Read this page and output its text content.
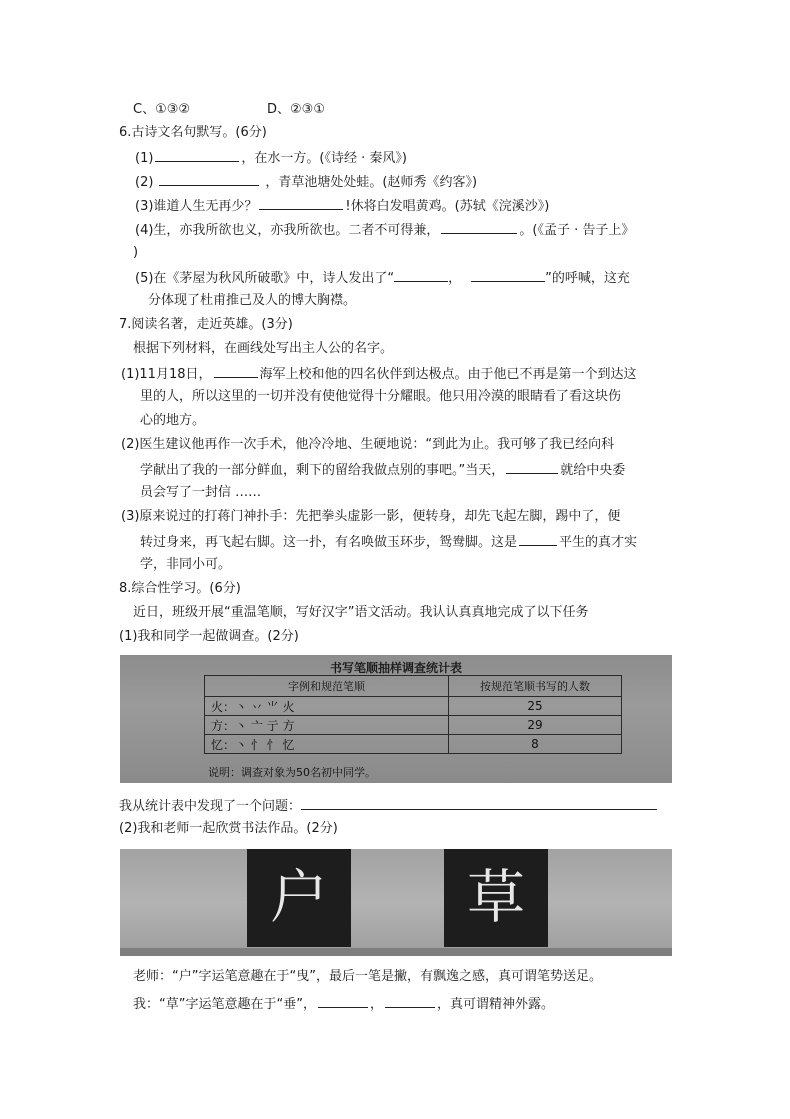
C、①③②	D、②③①
6.古诗文名句默写。(6分)
(1)	，在水一方。(《诗经 · 秦风》)
(2)	，青草池塘处处蛙。(赵师秀《约客》)
(3)谁道人生无再少？	!休将白发唱黄鸡。(苏轼《浣溪沙》)
(4)生，亦我所欲也义，亦我所欲也。二者不可得兼，	。(《孟子 · 告子上》
)
(5)在《茅屋为秋风所破歌》中，诗人发出了“	，	”的呼喊，这充
分体现了杜甫推己及人的博大胸襟。
7.阅读名著，走近英雄。(3分)
根据下列材料，在画线处写出主人公的名字。
(1)11月18日，	海军上校和他的四名伙伴到达极点。由于他已不再是第一个到达这
里的人，所以这里的一切并没有使他觉得十分耀眼。他只用冷漠的眼睛看了看这块伤
心的地方。
(2)医生建议他再作一次手术，他冷冷地、生硬地说：“到此为止。我可够了我已经向科
学献出了我的一部分鲜血，剩下的留给我做点别的事吧。”当天，	就给中央委
员会写了一封信 ……
(3)原来说过的打蒋门神扑手：先把拳头虚影一影，便转身，却先飞起左脚，踢中了，便
转过身来，再飞起右脚。这一扑，有名唤做玉环步，鸳鸯脚。这是	平生的真才实
学，非同小可。
8.综合性学习。(6分)
近日，班级开展“重温笔顺，写好汉字”语文活动。我认认真真地完成了以下任务
(1)我和同学一起做调查。(2分)
书写笔顺抽样调查统计表
字例和规范笔顺	按规范笔顺书写的人数
火：丶 丷 ⺌ 火	25
方：丶 亠 亍 方	29
忆：丶 忄 忄 忆	8
说明：调查对象为50名初中同学。
我从统计表中发现了一个问题：
(2)我和老师一起欣赏书法作品。(2分)
户	草
老师：“户”字运笔意趣在于“曳”，最后一笔是撇，有飘逸之感，真可谓笔势送足。
我：“草”字运笔意趣在于“垂”，	，	，真可谓精神外露。
